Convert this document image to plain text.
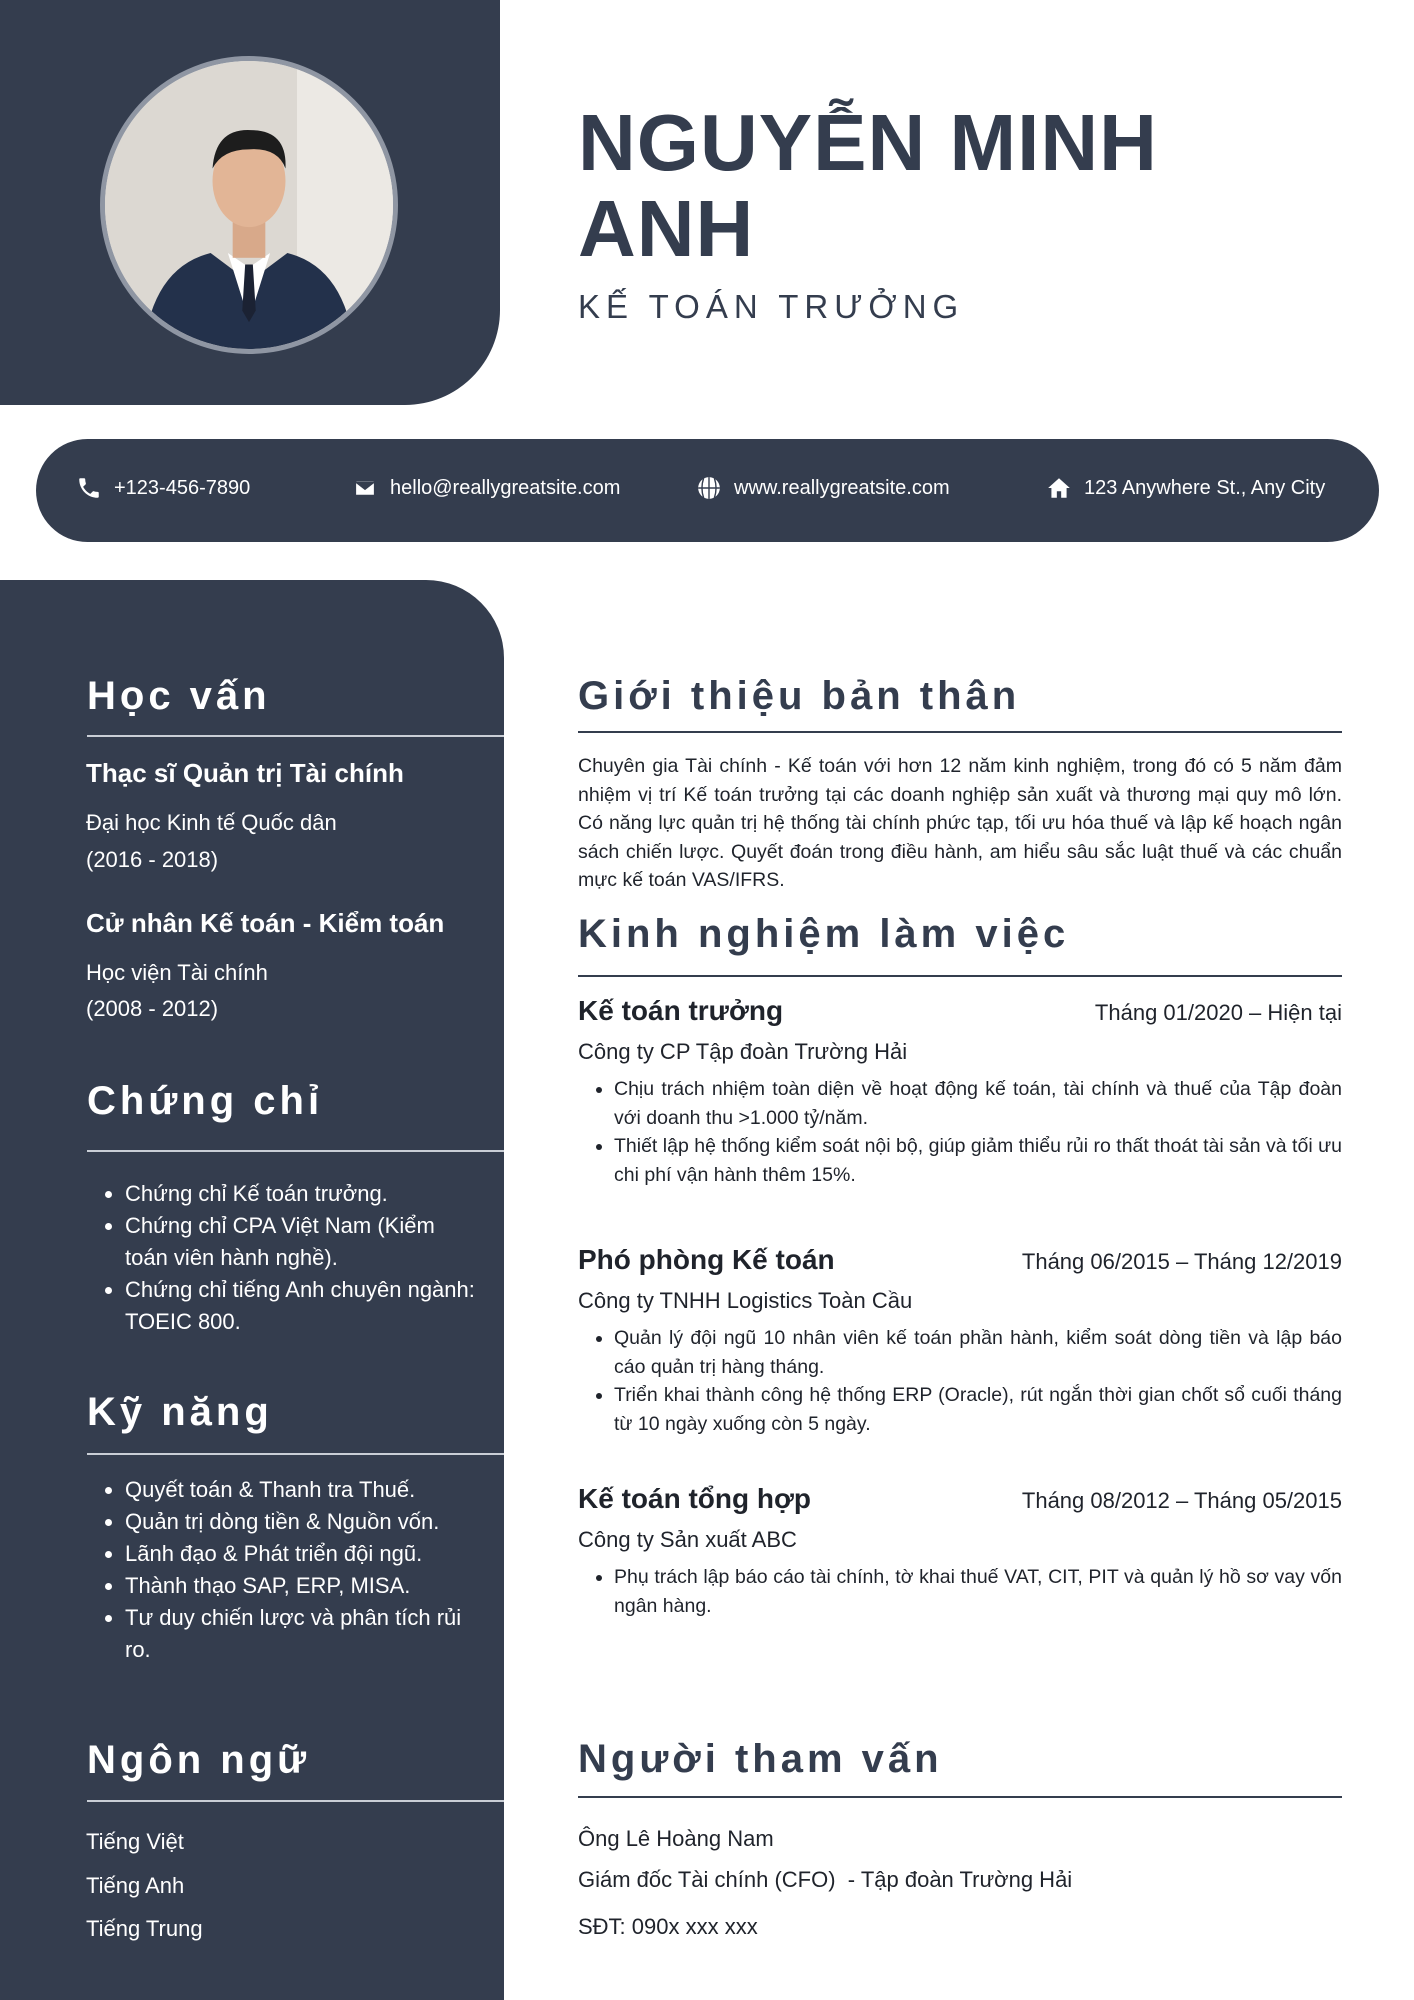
NGUYỄN MINH ANH
KẾ TOÁN TRƯỞNG
+123-456-7890	hello@reallygreatsite.com	www.reallygreatsite.com	123 Anywhere St., Any City
Học vấn
Thạc sĩ Quản trị Tài chính
Đại học Kinh tế Quốc dân
(2016 - 2018)
Cử nhân Kế toán - Kiểm toán
Học viện Tài chính
(2008 - 2012)
Chứng chỉ
• Chứng chỉ Kế toán trưởng.
• Chứng chỉ CPA Việt Nam (Kiểm toán viên hành nghề).
• Chứng chỉ tiếng Anh chuyên ngành: TOEIC 800.
Kỹ năng
• Quyết toán & Thanh tra Thuế.
• Quản trị dòng tiền & Nguồn vốn.
• Lãnh đạo & Phát triển đội ngũ.
• Thành thạo SAP, ERP, MISA.
• Tư duy chiến lược và phân tích rủi ro.
Ngôn ngữ
Tiếng Việt
Tiếng Anh
Tiếng Trung
Giới thiệu bản thân
Chuyên gia Tài chính - Kế toán với hơn 12 năm kinh nghiệm, trong đó có 5 năm đảm nhiệm vị trí Kế toán trưởng tại các doanh nghiệp sản xuất và thương mại quy mô lớn. Có năng lực quản trị hệ thống tài chính phức tạp, tối ưu hóa thuế và lập kế hoạch ngân sách chiến lược. Quyết đoán trong điều hành, am hiểu sâu sắc luật thuế và các chuẩn mực kế toán VAS/IFRS.
Kinh nghiệm làm việc
Kế toán trưởng	Tháng 01/2020 – Hiện tại
Công ty CP Tập đoàn Trường Hải
• Chịu trách nhiệm toàn diện về hoạt động kế toán, tài chính và thuế của Tập đoàn với doanh thu >1.000 tỷ/năm.
• Thiết lập hệ thống kiểm soát nội bộ, giúp giảm thiểu rủi ro thất thoát tài sản và tối ưu chi phí vận hành thêm 15%.
Phó phòng Kế toán	Tháng 06/2015 – Tháng 12/2019
Công ty TNHH Logistics Toàn Cầu
• Quản lý đội ngũ 10 nhân viên kế toán phần hành, kiểm soát dòng tiền và lập báo cáo quản trị hàng tháng.
• Triển khai thành công hệ thống ERP (Oracle), rút ngắn thời gian chốt sổ cuối tháng từ 10 ngày xuống còn 5 ngày.
Kế toán tổng hợp	Tháng 08/2012 – Tháng 05/2015
Công ty Sản xuất ABC
• Phụ trách lập báo cáo tài chính, tờ khai thuế VAT, CIT, PIT và quản lý hồ sơ vay vốn ngân hàng.
Người tham vấn
Ông Lê Hoàng Nam
Giám đốc Tài chính (CFO)  - Tập đoàn Trường Hải
SĐT: 090x xxx xxx
